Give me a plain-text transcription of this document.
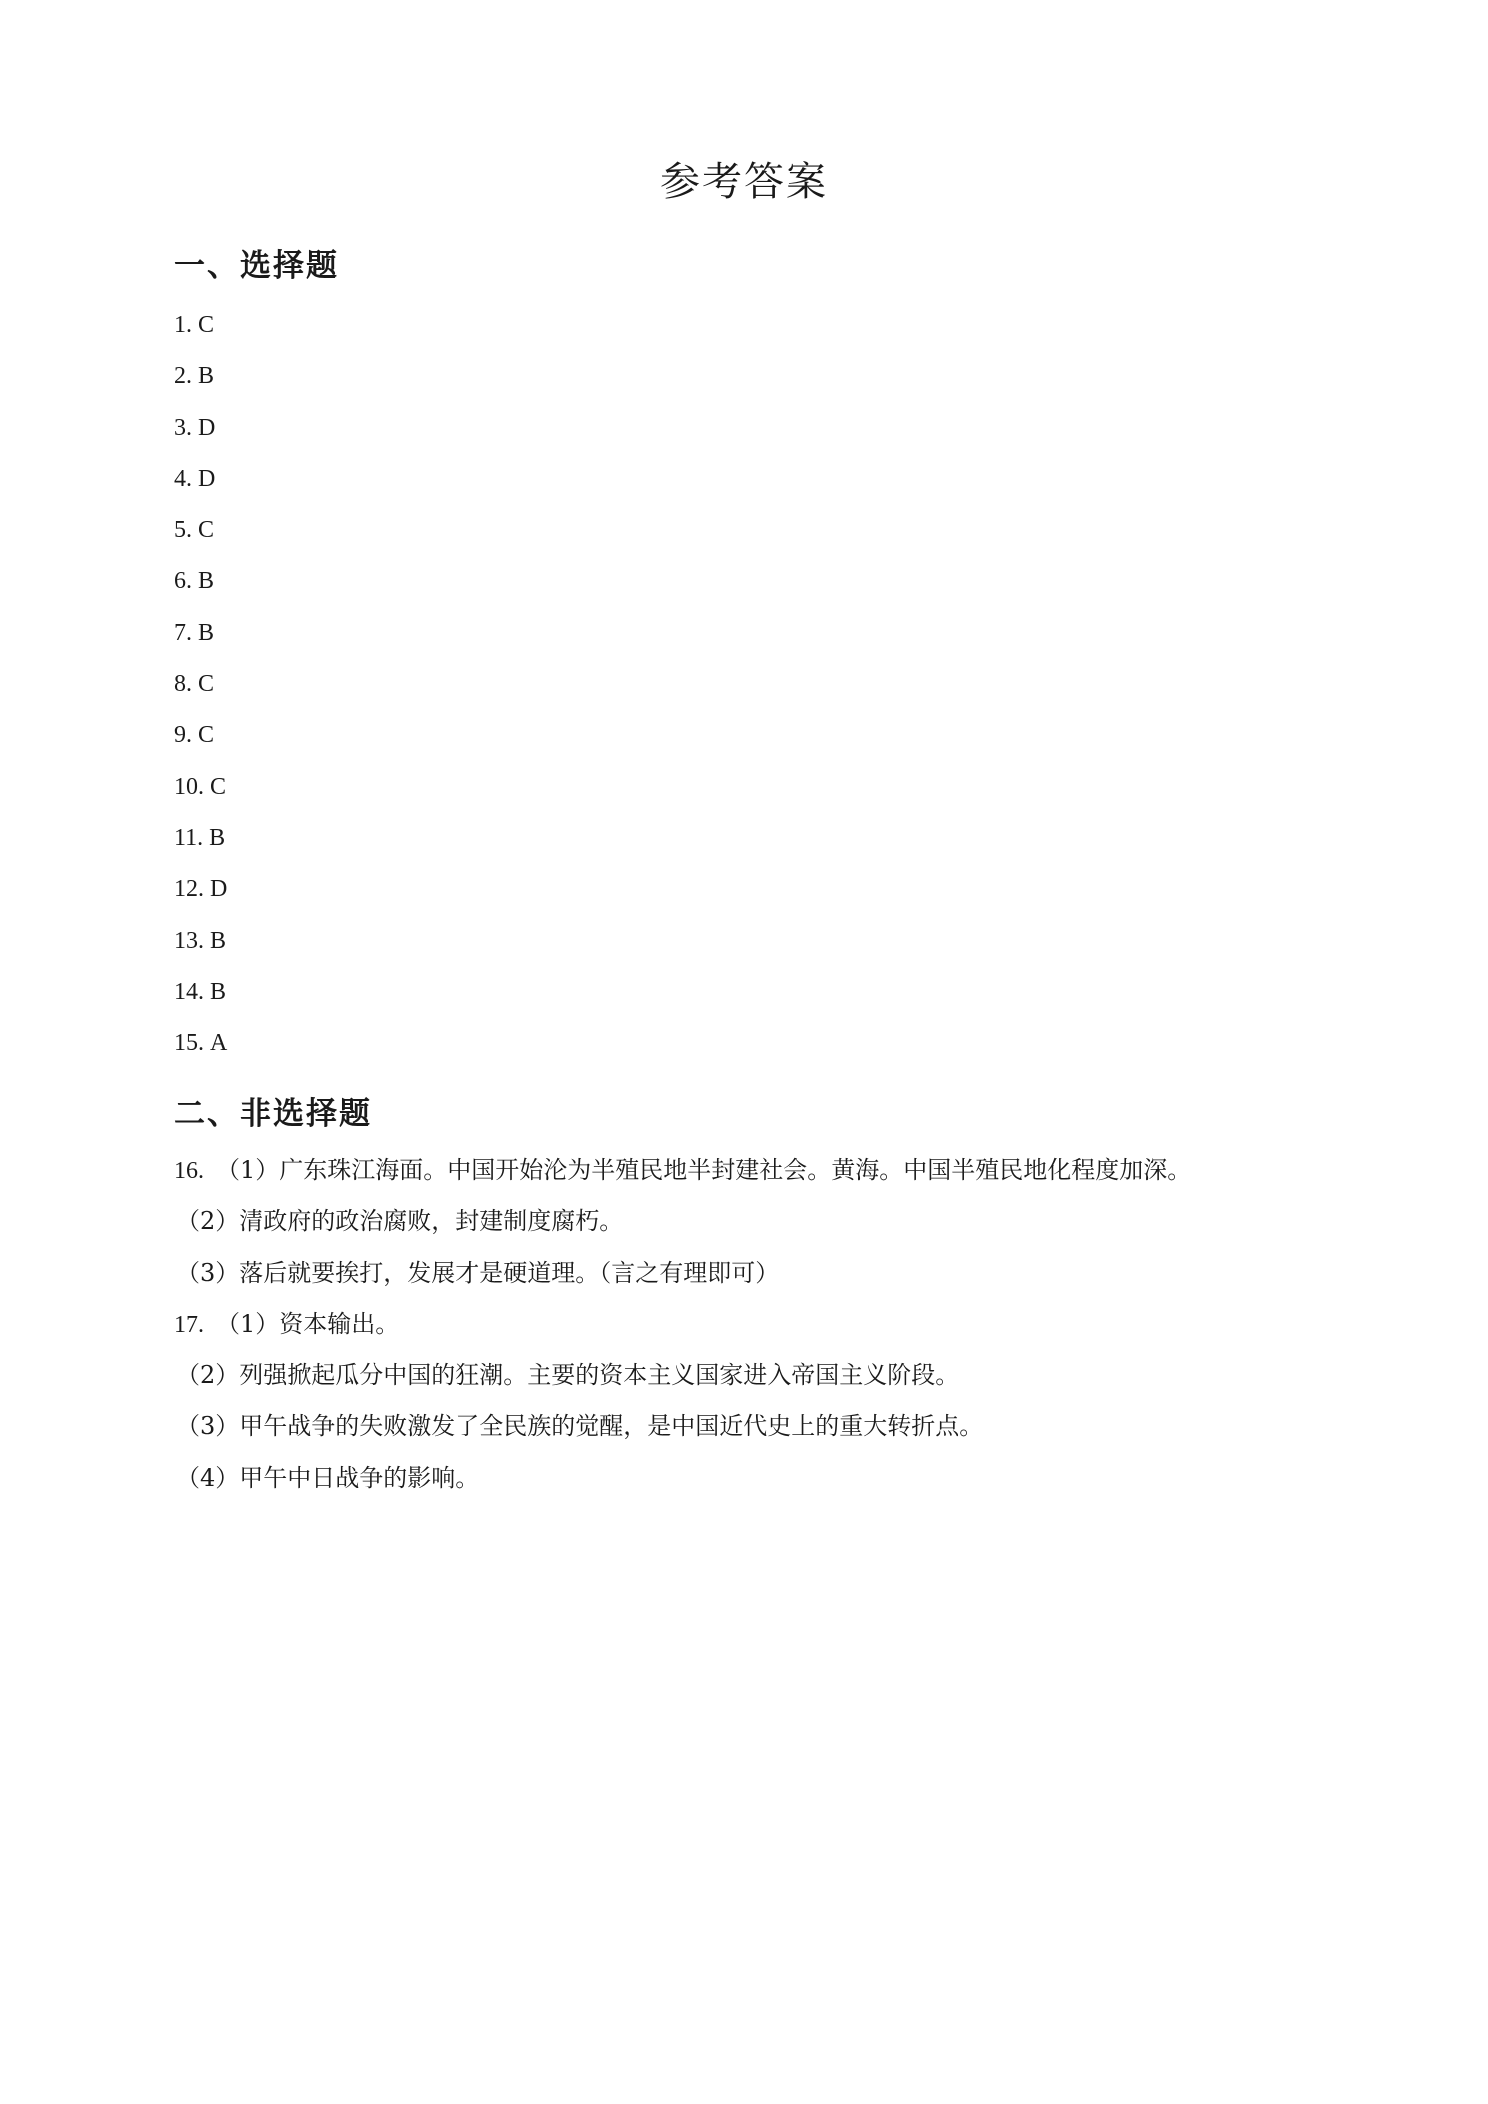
参考答案
一、选择题
1. C
2. B
3. D
4. D
5. C
6. B
7. B
8. C
9. C
10. C
11. B
12. D
13. B
14. B
15. A
二、非选择题
16. （1）广东珠江海面。中国开始沦为半殖民地半封建社会。黄海。中国半殖民地化程度加深。
（2）清政府的政治腐败，封建制度腐朽。
（3）落后就要挨打，发展才是硬道理。（言之有理即可）
17. （1）资本输出。
（2）列强掀起瓜分中国的狂潮。主要的资本主义国家进入帝国主义阶段。
（3）甲午战争的失败激发了全民族的觉醒，是中国近代史上的重大转折点。
（4）甲午中日战争的影响。
